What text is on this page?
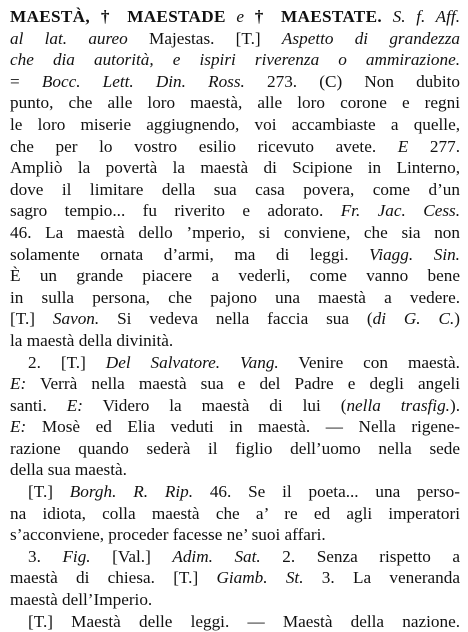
MAESTÀ, † MAESTADE e † MAESTATE. S. f. Aff.
al lat. aureo Majestas. [T.] Aspetto di grandezza
che dia autorità, e ispiri riverenza o ammirazione.
= Bocc. Lett. Din. Ross. 273. (C) Non dubito
punto, che alle loro maestà, alle loro corone e regni
le loro miserie aggiugnendo, voi accambiaste a quelle,
che per lo vostro esilio ricevuto avete. E 277.
Ampliò la povertà la maestà di Scipione in Linterno,
dove il limitare della sua casa povera, come d’un
sagro tempio... fu riverito e adorato. Fr. Jac. Cess.
46. La maestà dello ’mperio, si conviene, che sia non
solamente ornata d’armi, ma di leggi. Viagg. Sin.
È un grande piacere a vederli, come vanno bene
in sulla persona, che pajono una maestà a vedere.
[T.] Savon. Si vedeva nella faccia sua (di G. C.)
la maestà della divinità.
2. [T.] Del Salvatore. Vang. Venire con maestà.
E: Verrà nella maestà sua e del Padre e degli angeli
santi. E: Videro la maestà di lui (nella trasfig.).
E: Mosè ed Elia veduti in maestà. — Nella rigene-
razione quando sederà il figlio dell’uomo nella sede
della sua maestà.
[T.] Borgh. R. Rip. 46. Se il poeta... una perso-
na idiota, colla maestà che a’ re ed agli imperatori
s’acconviene, proceder facesse ne’ suoi affari.
3. Fig. [Val.] Adim. Sat. 2. Senza rispetto a
maestà di chiesa. [T.] Giamb. St. 3. La veneranda
maestà dell’Imperio.
[T.] Maestà delle leggi. — Maestà della nazione.
